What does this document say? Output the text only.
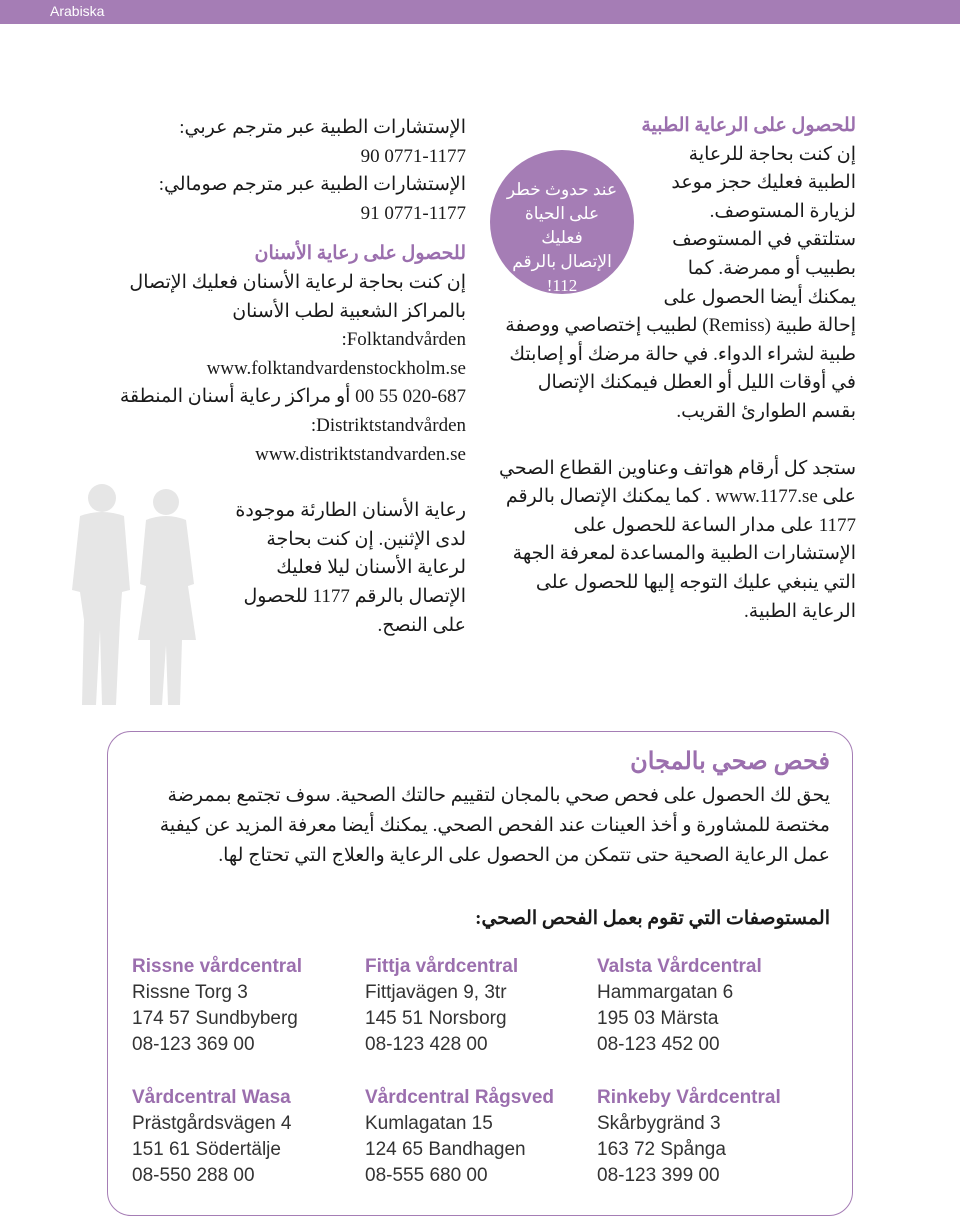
Arabiska
للحصول على الرعاية الطبية

إن كنت بحاجة للرعاية الطبية فعليك حجز موعد لزيارة المستوصف. ستلتقي في المستوصف بطبيب أو ممرضة. كما يمكنك أيضا الحصول على إحالة طبية (Remiss) لطبيب إختصاصي ووصفة طبية لشراء الدواء. في حالة مرضك أو إصابتك في أوقات الليل أو العطل فيمكنك الإتصال بقسم الطوارئ القريب.

ستجد كل أرقام هواتف وعناوين القطاع الصحي على www.1177.se . كما يمكنك الإتصال بالرقم 1177 على مدار الساعة للحصول على الإستشارات الطبية والمساعدة لمعرفة الجهة التي ينبغي عليك التوجه إليها للحصول على الرعاية الطبية.

عند حدوث خطر
على الحياة فعليك
الإتصال بالرقم
112!

الإستشارات الطبية عبر مترجم عربي:

0771-1177 90

الإستشارات الطبية عبر مترجم صومالي:

0771-1177 91

للحصول على رعاية الأسنان

إن كنت بحاجة لرعاية الأسنان فعليك الإتصال بالمراكز الشعبية لطب الأسنان

Folktandvården:

www.folktandvardenstockholm.se

020-687 55 00 أو مراكز رعاية أسنان المنطقة

Distriktstandvården:

www.distriktstandvarden.se

رعاية الأسنان الطارئة موجودة لدى الإثنين. إن كنت بحاجة لرعاية الأسنان ليلا فعليك الإتصال بالرقم 1177 للحصول على النصح.

فحص صحي بالمجان
يحق لك الحصول على فحص صحي بالمجان لتقييم حالتك الصحية. سوف تجتمع بممرضة مختصة للمشاورة و أخذ العينات عند الفحص الصحي. يمكنك أيضا معرفة المزيد عن كيفية عمل الرعاية الصحية حتى تتمكن من الحصول على الرعاية والعلاج التي تحتاج لها.
المستوصفات التي تقوم بعمل الفحص الصحي:
Rissne vårdcentral
Rissne Torg 3
174 57 Sundbyberg
08-123 369 00
Fittja vårdcentral
Fittjavägen 9, 3tr
145 51 Norsborg
08-123 428 00
Valsta Vårdcentral
Hammargatan 6
195 03 Märsta
08-123 452 00
Vårdcentral Wasa
Prästgårdsvägen 4
151 61 Södertälje
08-550 288 00
Vårdcentral Rågsved
Kumlagatan 15
124 65 Bandhagen
08-555 680 00
Rinkeby Vårdcentral
Skårbygränd 3
163 72 Spånga
08-123 399 00
